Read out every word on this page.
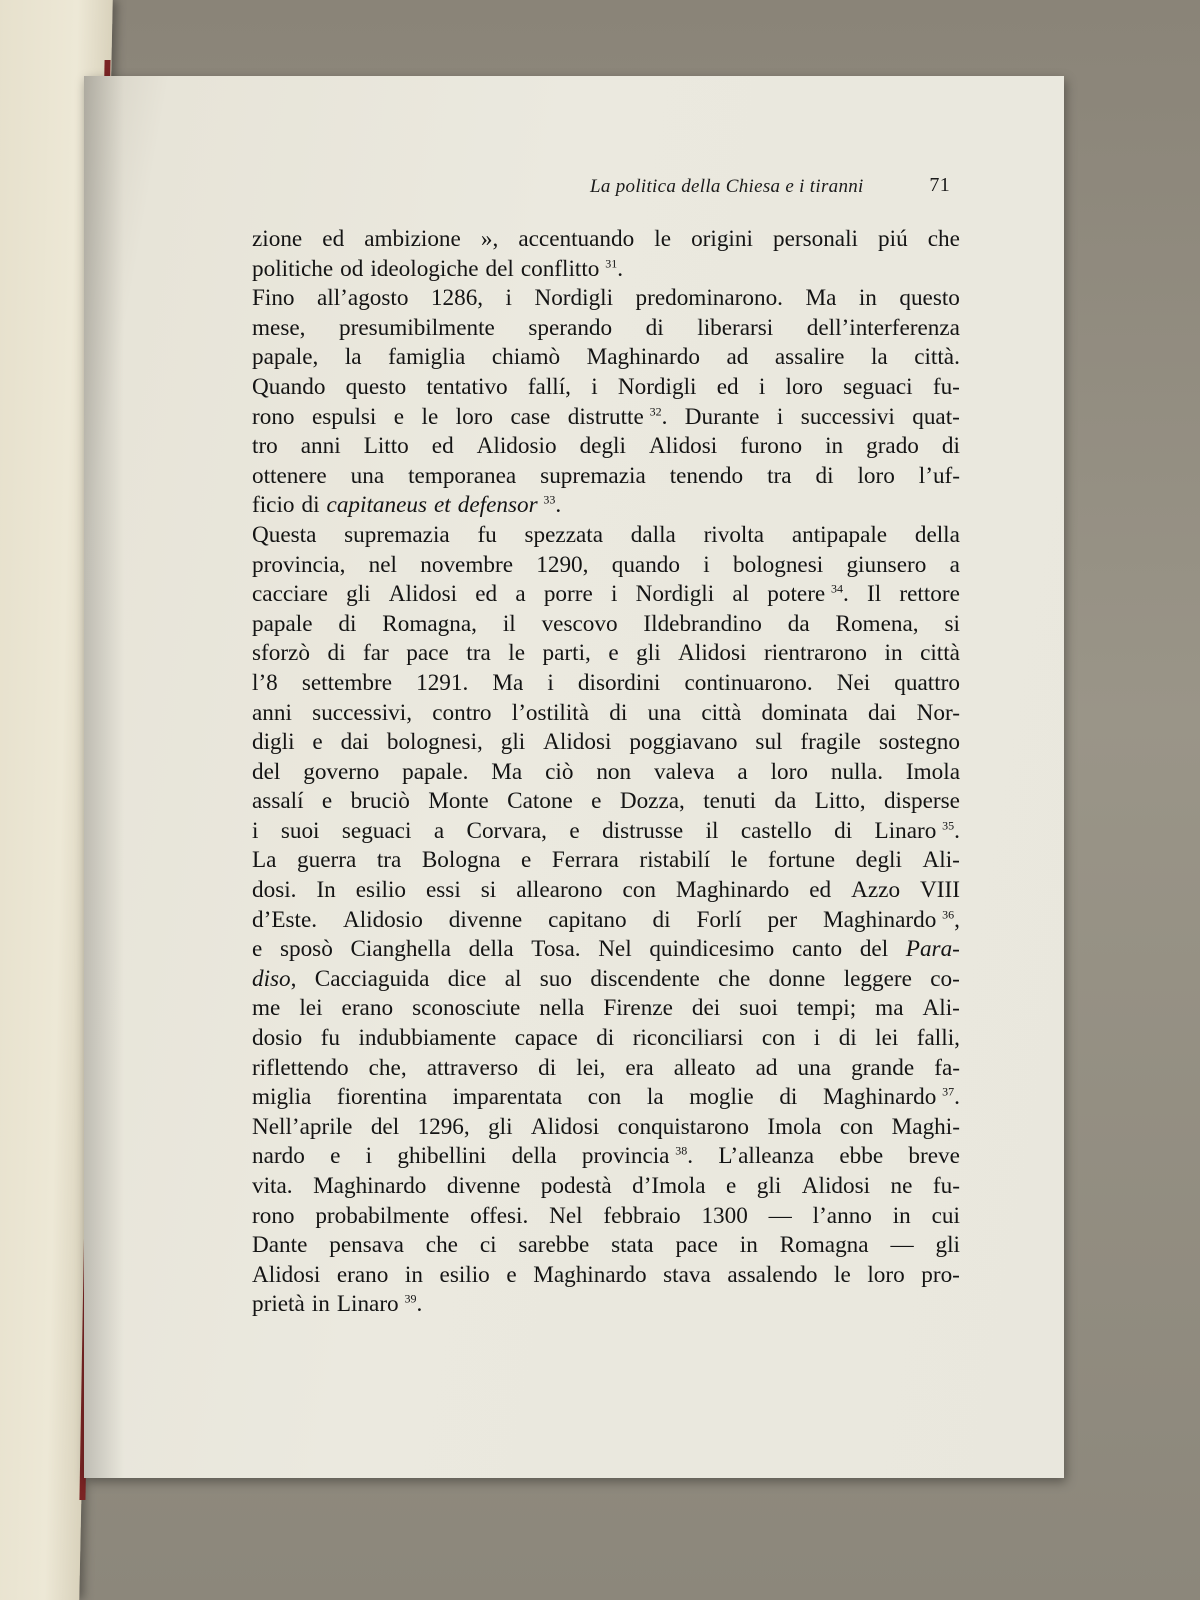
La politica della Chiesa e i tiranni	71
zione ed ambizione », accentuando le origini personali piú che
politiche od ideologiche del conflitto $^{31}$.
Fino all’agosto 1286, i Nordigli predominarono. Ma in questo
mese, presumibilmente sperando di liberarsi dell’interferenza
papale, la famiglia chiamò Maghinardo ad assalire la città.
Quando questo tentativo fallí, i Nordigli ed i loro seguaci fu-
rono espulsi e le loro case distrutte $^{32}$. Durante i successivi quat-
tro anni Litto ed Alidosio degli Alidosi furono in grado di
ottenere una temporanea supremazia tenendo tra di loro l’uf-
ficio di capitaneus et defensor $^{33}$.
Questa supremazia fu spezzata dalla rivolta antipapale della
provincia, nel novembre 1290, quando i bolognesi giunsero a
cacciare gli Alidosi ed a porre i Nordigli al potere $^{34}$. Il rettore
papale di Romagna, il vescovo Ildebrandino da Romena, si
sforzò di far pace tra le parti, e gli Alidosi rientrarono in città
l’8 settembre 1291. Ma i disordini continuarono. Nei quattro
anni successivi, contro l’ostilità di una città dominata dai Nor-
digli e dai bolognesi, gli Alidosi poggiavano sul fragile sostegno
del governo papale. Ma ciò non valeva a loro nulla. Imola
assalí e bruciò Monte Catone e Dozza, tenuti da Litto, disperse
i suoi seguaci a Corvara, e distrusse il castello di Linaro $^{35}$.
La guerra tra Bologna e Ferrara ristabilí le fortune degli Ali-
dosi. In esilio essi si allearono con Maghinardo ed Azzo VIII
d’Este. Alidosio divenne capitano di Forlí per Maghinardo $^{36}$,
e sposò Cianghella della Tosa. Nel quindicesimo canto del Para-
diso, Cacciaguida dice al suo discendente che donne leggere co-
me lei erano sconosciute nella Firenze dei suoi tempi; ma Ali-
dosio fu indubbiamente capace di riconciliarsi con i di lei falli,
riflettendo che, attraverso di lei, era alleato ad una grande fa-
miglia fiorentina imparentata con la moglie di Maghinardo $^{37}$.
Nell’aprile del 1296, gli Alidosi conquistarono Imola con Maghi-
nardo e i ghibellini della provincia $^{38}$. L’alleanza ebbe breve
vita. Maghinardo divenne podestà d’Imola e gli Alidosi ne fu-
rono probabilmente offesi. Nel febbraio 1300 — l’anno in cui
Dante pensava che ci sarebbe stata pace in Romagna — gli
Alidosi erano in esilio e Maghinardo stava assalendo le loro pro-
prietà in Linaro $^{39}$.
